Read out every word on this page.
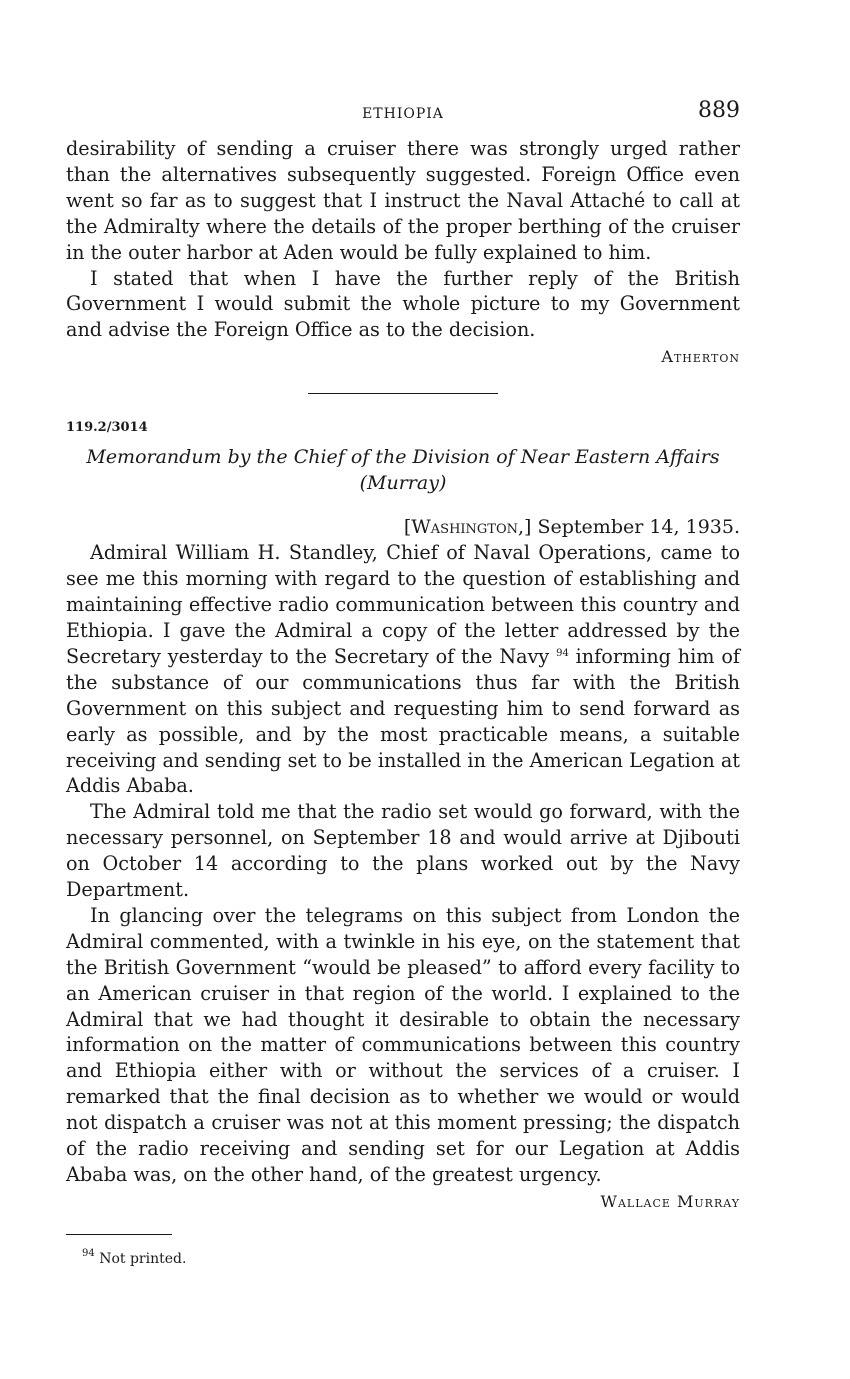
ETHIOPIA	889

desirability of sending a cruiser there was strongly urged rather than the alternatives subsequently suggested. Foreign Office even went so far as to suggest that I instruct the Naval Attaché to call at the Admiralty where the details of the proper berthing of the cruiser in the outer harbor at Aden would be fully explained to him.

I stated that when I have the further reply of the British Government I would submit the whole picture to my Government and advise the Foreign Office as to the decision.

Atherton
119.2/3014
Memorandum by the Chief of the Division of Near Eastern Affairs (Murray)
[Washington,] September 14, 1935.

Admiral William H. Standley, Chief of Naval Operations, came to see me this morning with regard to the question of establishing and maintaining effective radio communication between this country and Ethiopia. I gave the Admiral a copy of the letter addressed by the Secretary yesterday to the Secretary of the Navy $^{94}$ informing him of the substance of our communications thus far with the British Government on this subject and requesting him to send forward as early as possible, and by the most practicable means, a suitable receiving and sending set to be installed in the American Legation at Addis Ababa.

The Admiral told me that the radio set would go forward, with the necessary personnel, on September 18 and would arrive at Djibouti on October 14 according to the plans worked out by the Navy Department.

In glancing over the telegrams on this subject from London the Admiral commented, with a twinkle in his eye, on the statement that the British Government “would be pleased” to afford every facility to an American cruiser in that region of the world. I explained to the Admiral that we had thought it desirable to obtain the necessary information on the matter of communications between this country and Ethiopia either with or without the services of a cruiser. I remarked that the final decision as to whether we would or would not dispatch a cruiser was not at this moment pressing; the dispatch of the radio receiving and sending set for our Legation at Addis Ababa was, on the other hand, of the greatest urgency.

Wallace Murray
$^{94}$ Not printed.
